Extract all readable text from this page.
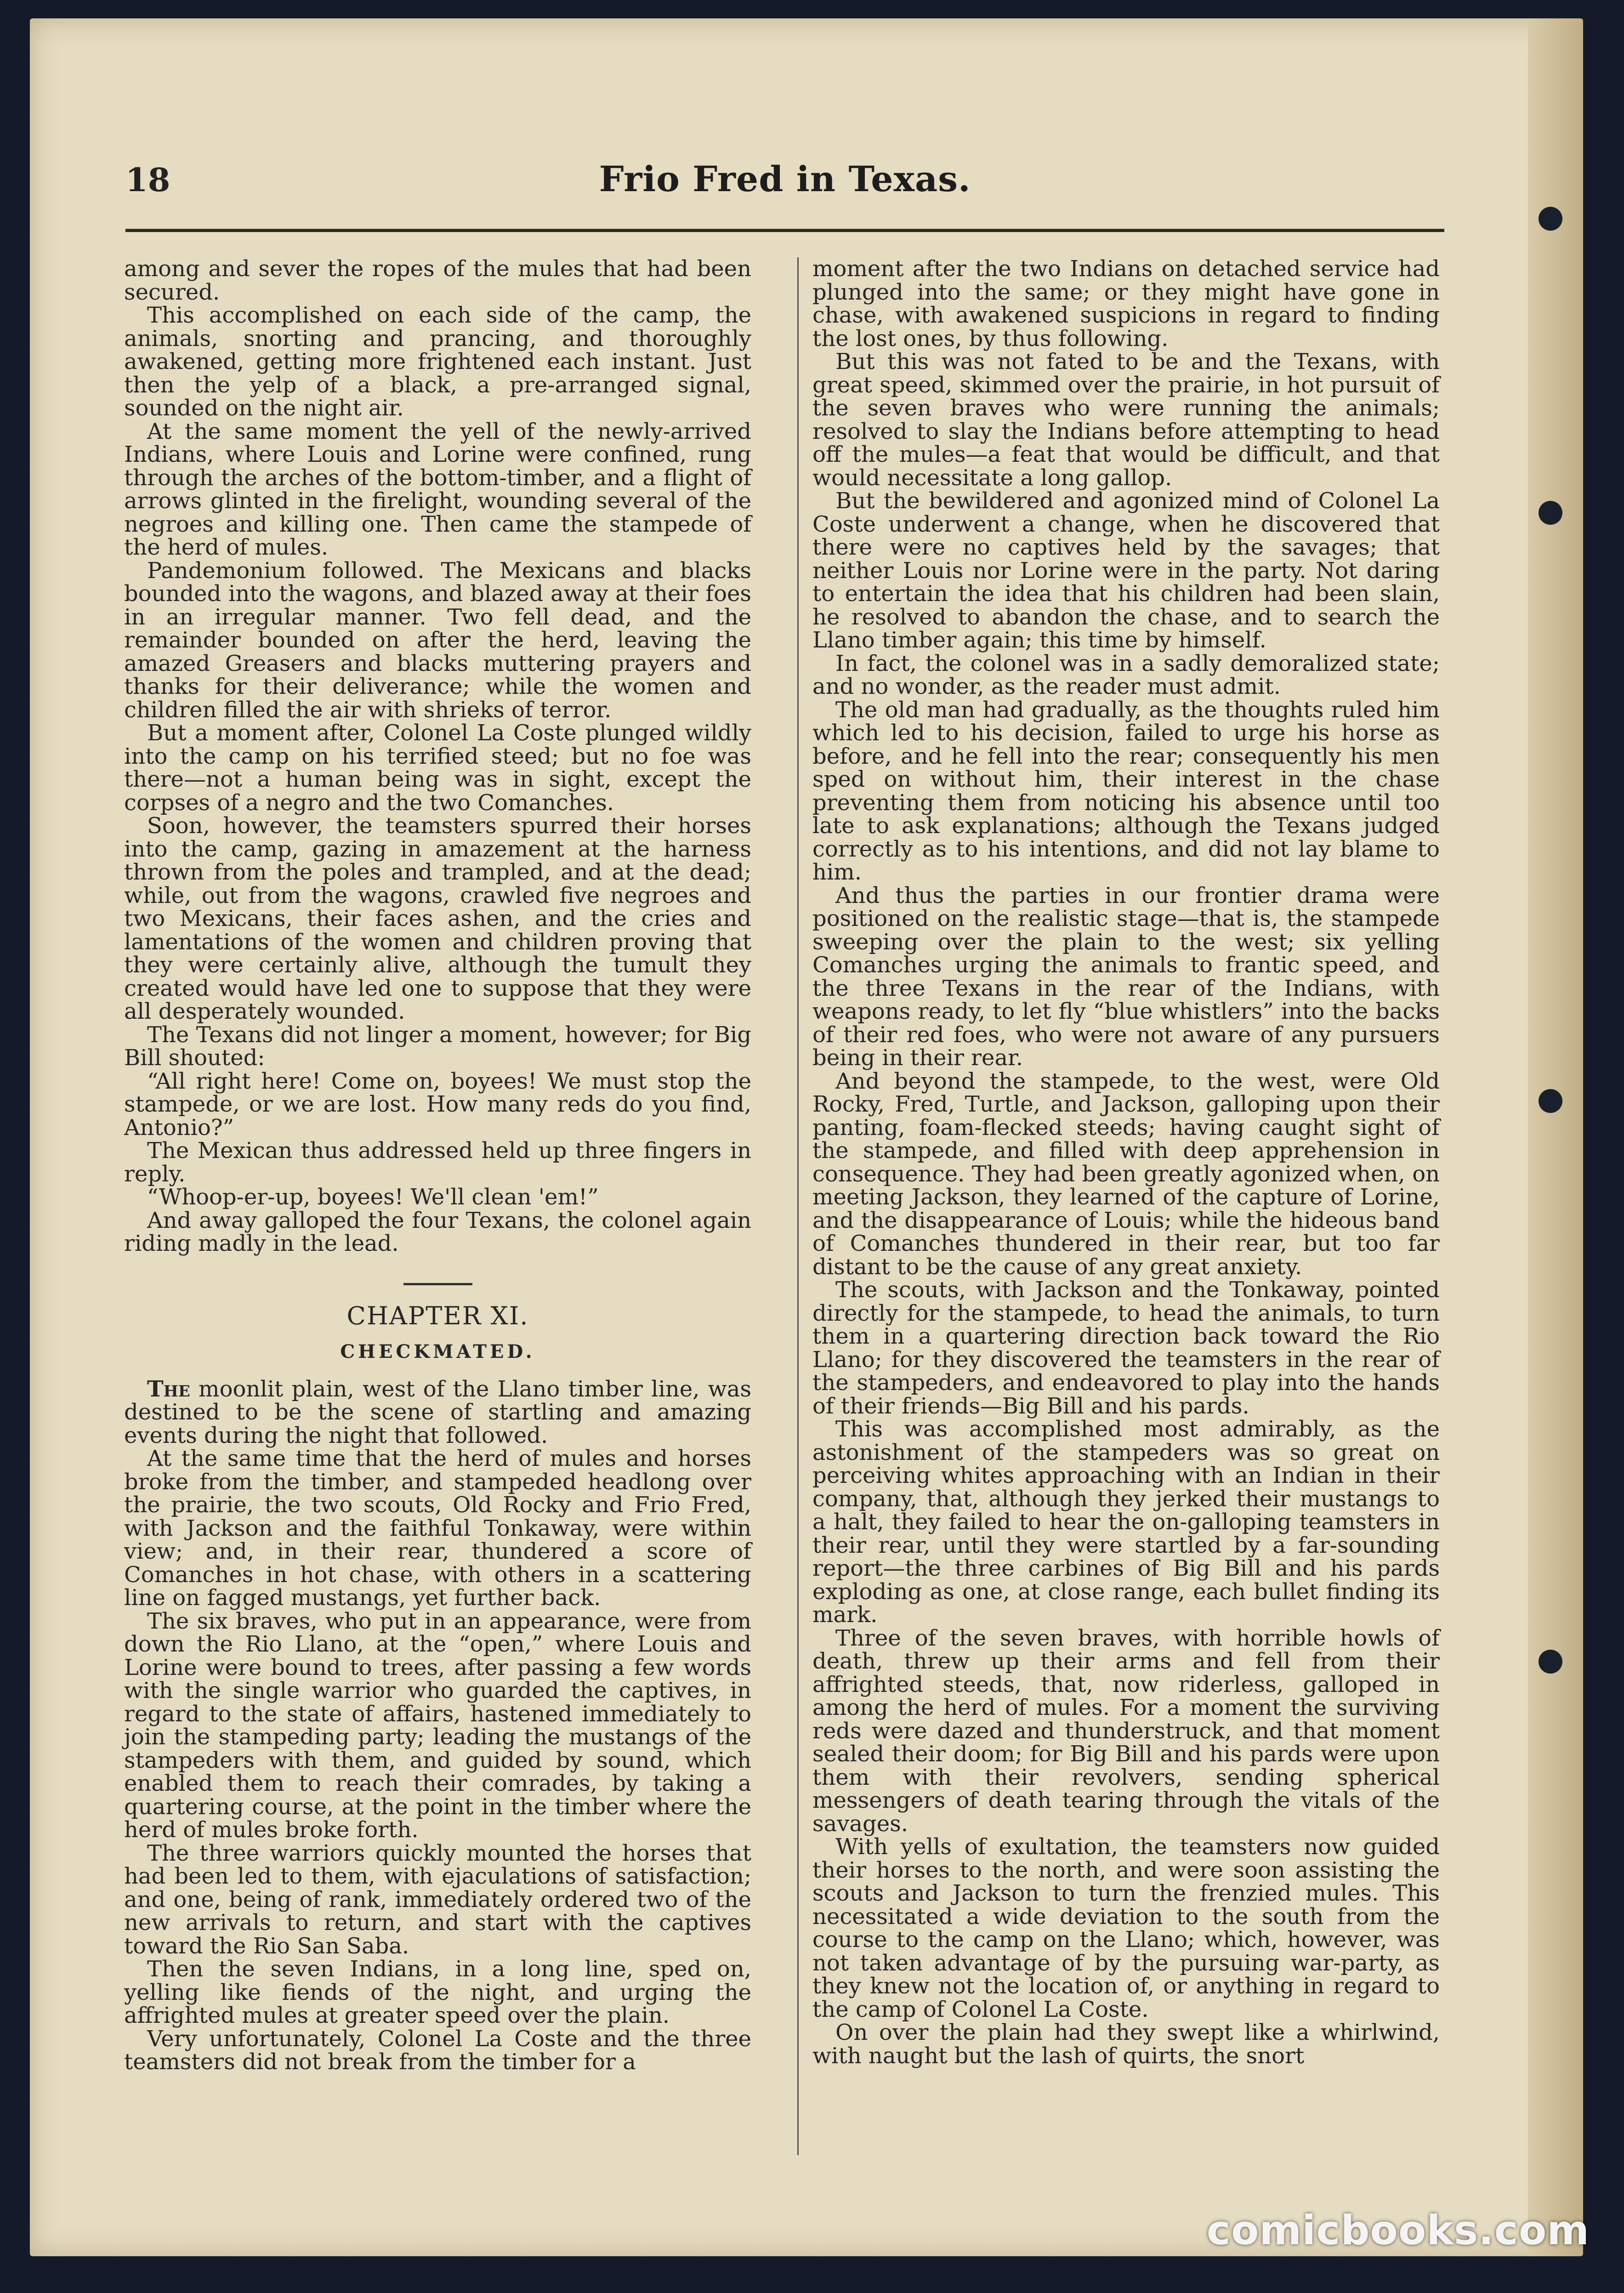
18	Frio Fred in Texas.

among and sever the ropes of the mules that had been secured.

This accomplished on each side of the camp, the animals, snorting and prancing, and thoroughly awakened, getting more frightened each instant. Just then the yelp of a black, a pre-arranged signal, sounded on the night air.

At the same moment the yell of the newly-arrived Indians, where Louis and Lorine were confined, rung through the arches of the bottom-timber, and a flight of arrows glinted in the firelight, wounding several of the negroes and killing one. Then came the stampede of the herd of mules.

Pandemonium followed. The Mexicans and blacks bounded into the wagons, and blazed away at their foes in an irregular manner. Two fell dead, and the remainder bounded on after the herd, leaving the amazed Greasers and blacks muttering prayers and thanks for their deliverance; while the women and children filled the air with shrieks of terror.

But a moment after, Colonel La Coste plunged wildly into the camp on his terrified steed; but no foe was there—not a human being was in sight, except the corpses of a negro and the two Comanches.

Soon, however, the teamsters spurred their horses into the camp, gazing in amazement at the harness thrown from the poles and trampled, and at the dead; while, out from the wagons, crawled five negroes and two Mexicans, their faces ashen, and the cries and lamentations of the women and children proving that they were certainly alive, although the tumult they created would have led one to suppose that they were all desperately wounded.

The Texans did not linger a moment, however; for Big Bill shouted:

“All right here! Come on, boyees! We must stop the stampede, or we are lost. How many reds do you find, Antonio?”

The Mexican thus addressed held up three fingers in reply.

“Whoop-er-up, boyees! We'll clean 'em!”

And away galloped the four Texans, the colonel again riding madly in the lead.

CHAPTER XI.
CHECKMATED.

The moonlit plain, west of the Llano timber line, was destined to be the scene of startling and amazing events during the night that followed.

At the same time that the herd of mules and horses broke from the timber, and stampeded headlong over the prairie, the two scouts, Old Rocky and Frio Fred, with Jackson and the faithful Tonkaway, were within view; and, in their rear, thundered a score of Comanches in hot chase, with others in a scattering line on fagged mustangs, yet further back.

The six braves, who put in an appearance, were from down the Rio Llano, at the “open,” where Louis and Lorine were bound to trees, after passing a few words with the single warrior who guarded the captives, in regard to the state of affairs, hastened immediately to join the stampeding party; leading the mustangs of the stampeders with them, and guided by sound, which enabled them to reach their comrades, by taking a quartering course, at the point in the timber where the herd of mules broke forth.

The three warriors quickly mounted the horses that had been led to them, with ejaculations of satisfaction; and one, being of rank, immediately ordered two of the new arrivals to return, and start with the captives toward the Rio San Saba.

Then the seven Indians, in a long line, sped on, yelling like fiends of the night, and urging the affrighted mules at greater speed over the plain.

Very unfortunately, Colonel La Coste and the three teamsters did not break from the timber for a

moment after the two Indians on detached service had plunged into the same; or they might have gone in chase, with awakened suspicions in regard to finding the lost ones, by thus following.

But this was not fated to be and the Texans, with great speed, skimmed over the prairie, in hot pursuit of the seven braves who were running the animals; resolved to slay the Indians before attempting to head off the mules—a feat that would be difficult, and that would necessitate a long gallop.

But the bewildered and agonized mind of Colonel La Coste underwent a change, when he discovered that there were no captives held by the savages; that neither Louis nor Lorine were in the party. Not daring to entertain the idea that his children had been slain, he resolved to abandon the chase, and to search the Llano timber again; this time by himself.

In fact, the colonel was in a sadly demoralized state; and no wonder, as the reader must admit.

The old man had gradually, as the thoughts ruled him which led to his decision, failed to urge his horse as before, and he fell into the rear; consequently his men sped on without him, their interest in the chase preventing them from noticing his absence until too late to ask explanations; although the Texans judged correctly as to his intentions, and did not lay blame to him.

And thus the parties in our frontier drama were positioned on the realistic stage—that is, the stampede sweeping over the plain to the west; six yelling Comanches urging the animals to frantic speed, and the three Texans in the rear of the Indians, with weapons ready, to let fly “blue whistlers” into the backs of their red foes, who were not aware of any pursuers being in their rear.

And beyond the stampede, to the west, were Old Rocky, Fred, Turtle, and Jackson, galloping upon their panting, foam-flecked steeds; having caught sight of the stampede, and filled with deep apprehension in consequence. They had been greatly agonized when, on meeting Jackson, they learned of the capture of Lorine, and the disappearance of Louis; while the hideous band of Comanches thundered in their rear, but too far distant to be the cause of any great anxiety.

The scouts, with Jackson and the Tonkaway, pointed directly for the stampede, to head the animals, to turn them in a quartering direction back toward the Rio Llano; for they discovered the teamsters in the rear of the stampeders, and endeavored to play into the hands of their friends—Big Bill and his pards.

This was accomplished most admirably, as the astonishment of the stampeders was so great on perceiving whites approaching with an Indian in their company, that, although they jerked their mustangs to a halt, they failed to hear the on-galloping teamsters in their rear, until they were startled by a far-sounding report—the three carbines of Big Bill and his pards exploding as one, at close range, each bullet finding its mark.

Three of the seven braves, with horrible howls of death, threw up their arms and fell from their affrighted steeds, that, now riderless, galloped in among the herd of mules. For a moment the surviving reds were dazed and thunderstruck, and that moment sealed their doom; for Big Bill and his pards were upon them with their revolvers, sending spherical messengers of death tearing through the vitals of the savages.

With yells of exultation, the teamsters now guided their horses to the north, and were soon assisting the scouts and Jackson to turn the frenzied mules. This necessitated a wide deviation to the south from the course to the camp on the Llano; which, however, was not taken advantage of by the pursuing war-party, as they knew not the location of, or anything in regard to the camp of Colonel La Coste.

On over the plain had they swept like a whirlwind, with naught but the lash of quirts, the snort

comicbooks.com
